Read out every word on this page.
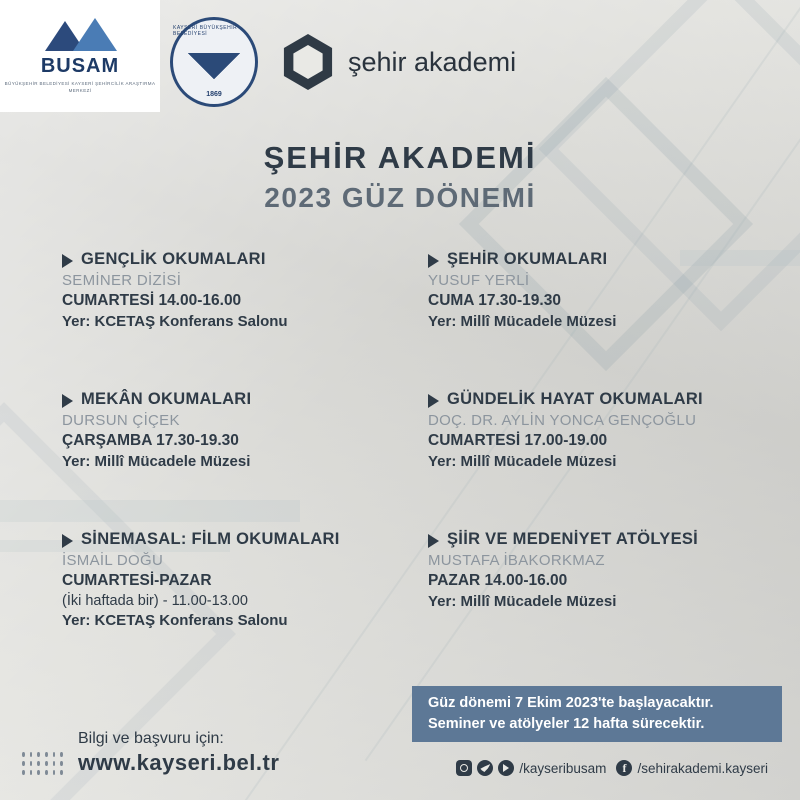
BUSAM
BÜYÜKŞEHİR BELEDİYESİ KAYSERİ ŞEHİRCİLİK ARAŞTIRMA MERKEZİ
KAYSERİ BÜYÜKŞEHİR BELEDİYESİ
1869
şehir akademi
ŞEHİR AKADEMİ
2023 GÜZ DÖNEMİ
GENÇLİK OKUMALARI
SEMİNER DİZİSİ
CUMARTESİ 14.00-16.00
Yer: KCETAŞ Konferans Salonu
ŞEHİR OKUMALARI
YUSUF YERLİ
CUMA 17.30-19.30
Yer: Millî Mücadele Müzesi
MEKÂN OKUMALARI
DURSUN ÇİÇEK
ÇARŞAMBA 17.30-19.30
Yer: Millî Mücadele Müzesi
GÜNDELİK HAYAT OKUMALARI
DOÇ. DR. AYLİN YONCA GENÇOĞLU
CUMARTESİ 17.00-19.00
Yer: Millî Mücadele Müzesi
SİNEMASAL: FİLM OKUMALARI
İSMAİL DOĞU
CUMARTESİ-PAZAR
(İki haftada bir) - 11.00-13.00
Yer: KCETAŞ Konferans Salonu
ŞİİR VE MEDENİYET ATÖLYESİ
MUSTAFA İBAKORKMAZ
PAZAR 14.00-16.00
Yer: Millî Mücadele Müzesi
Güz dönemi 7 Ekim 2023'te başlayacaktır.
Seminer ve atölyeler 12 hafta sürecektir.
Bilgi ve başvuru için:
www.kayseri.bel.tr	/kayseribusam f /sehirakademi.kayseri
